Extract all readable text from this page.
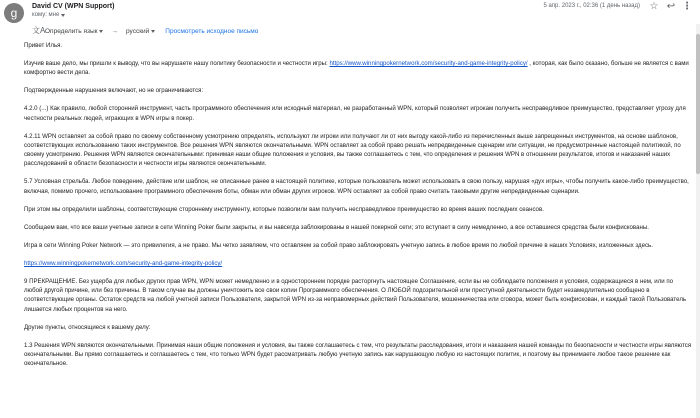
g	David CV (WPN Support)
кому: мне
5 апр. 2023 г., 02:36 (1 день назад) ☆ ↩ ⋮
文A Определить язык → русский Просмотреть исходное письмо

Привет Илья.

Изучив ваше дело, мы пришли к выводу, что вы нарушаете нашу политику безопасности и честности игры: https://www.winningpokernetwork.com/security-and-game-integrity-policy/ , которая, как было сказано, больше не является с вами комфортно вести дела.

Подтвержденные нарушения включают, но не ограничиваются:

4.2.0 (...) Как правило, любой сторонний инструмент, часть программного обеспечения или исходный материал, не разработанный WPN, который позволяет игрокам получить несправедливое преимущество, представляет угрозу для честности реальных людей, играющих в WPN игры в покер.

4.2.11 WPN оставляет за собой право по своему собственному усмотрению определять, используют ли игроки или получают ли от них выгоду какой-либо из перечисленных выше запрещенных инструментов, на основе шаблонов, соответствующих использованию таких инструментов. Все решения WPN являются окончательными. WPN оставляет за собой право решать непредвиденные сценарии или ситуации, не предусмотренные настоящей политикой, по своему усмотрению. Решения WPN являются окончательными: принимая наши общие положения и условия, вы также соглашаетесь с тем, что определения и решения WPN в отношении результатов, итогов и наказаний наших расследований в области безопасности и честности игры являются окончательными.

5.7 Условная стрельба. Любое поведение, действие или шаблон, не описанные ранее в настоящей политике, которые пользователь может использовать в свою пользу, нарушая «дух игры», чтобы получить какое-либо преимущество, включая, помимо прочего, использование программного обеспечения боты, обман или обман других игроков. WPN оставляет за собой право считать таковыми другие непредвиденные сценарии.

При этом мы определили шаблоны, соответствующие стороннему инструменту, которые позволили вам получить несправедливое преимущество во время ваших последних сеансов.

Сообщаем вам, что все ваши учетные записи в сети Winning Poker были закрыты, и вы навсегда заблокированы в нашей покерной сети; это вступает в силу немедленно, а все оставшиеся средства были конфискованы.

Игра в сети Winning Poker Network — это привилегия, а не право. Мы четко заявляем, что оставляем за собой право заблокировать учетную запись в любое время по любой причине в наших Условиях, изложенных здесь.

https://www.winningpokernetwork.com/security-and-game-integrity-policy/

9 ПРЕКРАЩЕНИЕ. Без ущерба для любых других прав WPN, WPN может немедленно и в одностороннем порядке расторгнуть настоящее Соглашение, если вы не соблюдаете положения и условия, содержащиеся в нем, или по любой другой причине, или без причины. В таком случае вы должны уничтожить все свои копии Программного обеспечения. О ЛЮБОЙ подозрительной или преступной деятельности будет незамедлительно сообщено в соответствующие органы. Остаток средств на любой учетной записи Пользователя, закрытой WPN из-за неправомерных действий Пользователя, мошенничества или сговора, может быть конфискован, и каждый такой Пользователь лишается любых процентов на него.

Другие пункты, относящиеся к вашему делу:

1.3 Решения WPN являются окончательными. Принимая наши общие положения и условия, вы также соглашаетесь с тем, что результаты расследования, итоги и наказания нашей команды по безопасности и честности игры являются окончательными. Вы прямо соглашаетесь и соглашаетесь с тем, что только WPN будет рассматривать любую учетную запись как нарушающую любую из настоящих политик, и поэтому вы принимаете любое такое решение как окончательное.
